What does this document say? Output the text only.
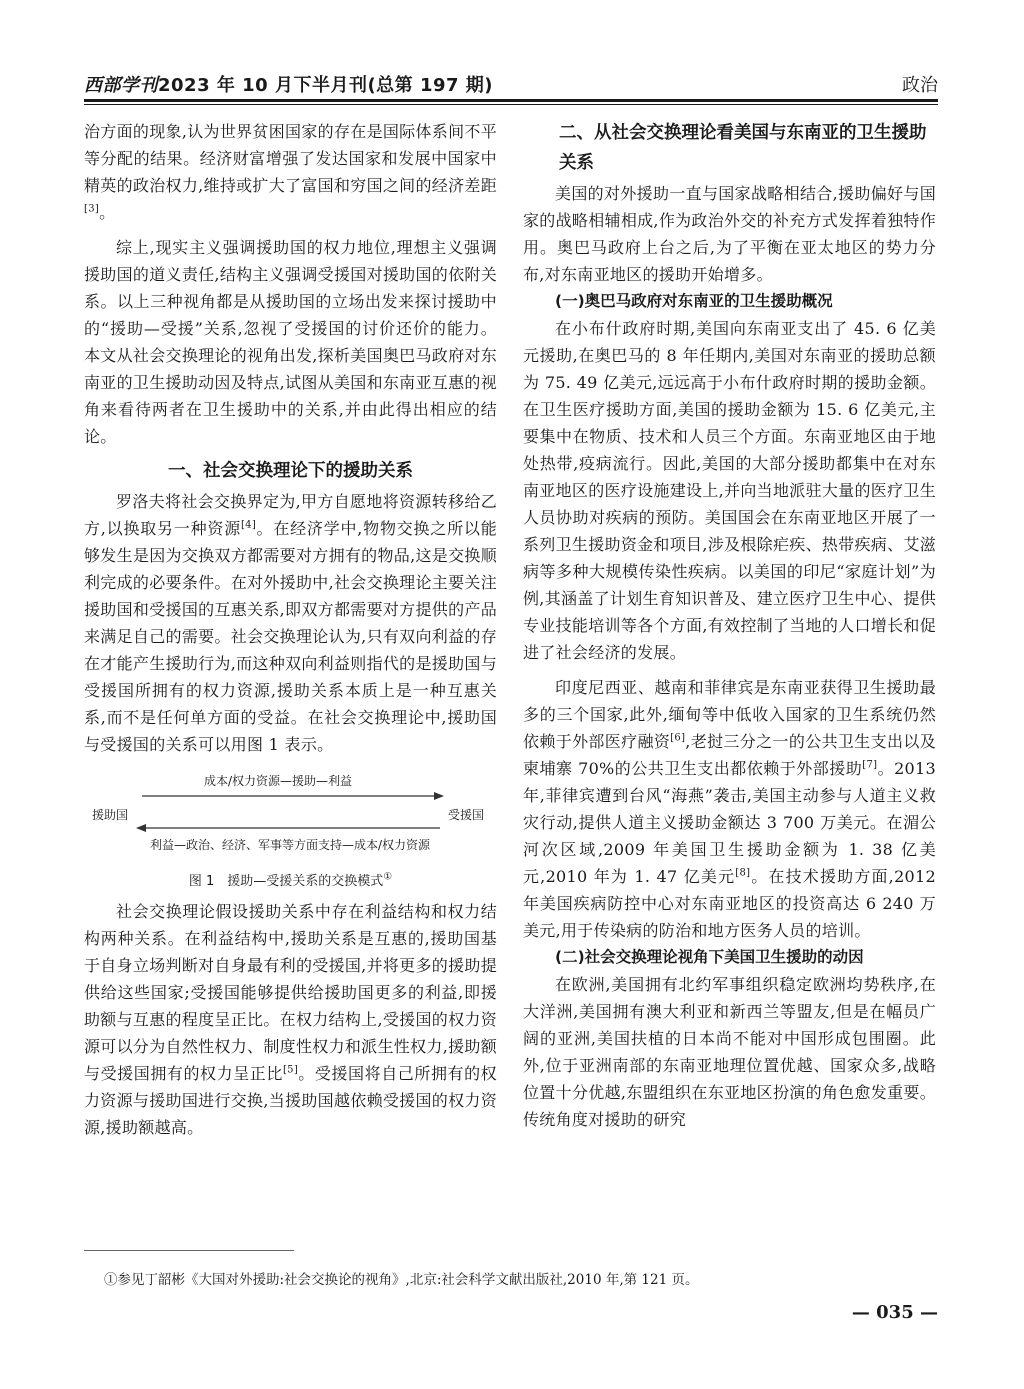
西部学刊2023 年 10 月下半月刊(总第 197 期)	政治

治方面的现象,认为世界贫困国家的存在是国际体系间不平等分配的结果。经济财富增强了发达国家和发展中国家中精英的政治权力,维持或扩大了富国和穷国之间的经济差距[3]。

综上,现实主义强调援助国的权力地位,理想主义强调援助国的道义责任,结构主义强调受援国对援助国的依附关系。以上三种视角都是从援助国的立场出发来探讨援助中的“援助—受援”关系,忽视了受援国的讨价还价的能力。本文从社会交换理论的视角出发,探析美国奥巴马政府对东南亚的卫生援助动因及特点,试图从美国和东南亚互惠的视角来看待两者在卫生援助中的关系,并由此得出相应的结论。

一、社会交换理论下的援助关系

罗洛夫将社会交换界定为,甲方自愿地将资源转移给乙方,以换取另一种资源[4]。在经济学中,物物交换之所以能够发生是因为交换双方都需要对方拥有的物品,这是交换顺利完成的必要条件。在对外援助中,社会交换理论主要关注援助国和受援国的互惠关系,即双方都需要对方提供的产品来满足自己的需要。社会交换理论认为,只有双向利益的存在才能产生援助行为,而这种双向利益则指代的是援助国与受援国所拥有的权力资源,援助关系本质上是一种互惠关系,而不是任何单方面的受益。在社会交换理论中,援助国与受援国的关系可以用图 1 表示。

成本/权力资源—援助—利益
利益—政治、经济、军事等方面支持—成本/权力资源
援助国	受援国
图 1　援助—受援关系的交换模式①

社会交换理论假设援助关系中存在利益结构和权力结构两种关系。在利益结构中,援助关系是互惠的,援助国基于自身立场判断对自身最有利的受援国,并将更多的援助提供给这些国家;受援国能够提供给援助国更多的利益,即援助额与互惠的程度呈正比。在权力结构上,受援国的权力资源可以分为自然性权力、制度性权力和派生性权力,援助额与受援国拥有的权力呈正比[5]。受援国将自己所拥有的权力资源与援助国进行交换,当援助国越依赖受援国的权力资源,援助额越高。

二、从社会交换理论看美国与东南亚的卫生援助关系

美国的对外援助一直与国家战略相结合,援助偏好与国家的战略相辅相成,作为政治外交的补充方式发挥着独特作用。奥巴马政府上台之后,为了平衡在亚太地区的势力分布,对东南亚地区的援助开始增多。

(一)奥巴马政府对东南亚的卫生援助概况

在小布什政府时期,美国向东南亚支出了 45. 6 亿美元援助,在奥巴马的 8 年任期内,美国对东南亚的援助总额为 75. 49 亿美元,远远高于小布什政府时期的援助金额。在卫生医疗援助方面,美国的援助金额为 15. 6 亿美元,主要集中在物质、技术和人员三个方面。东南亚地区由于地处热带,疫病流行。因此,美国的大部分援助都集中在对东南亚地区的医疗设施建设上,并向当地派驻大量的医疗卫生人员协助对疾病的预防。美国国会在东南亚地区开展了一系列卫生援助资金和项目,涉及根除疟疾、热带疾病、艾滋病等多种大规模传染性疾病。以美国的印尼“家庭计划”为例,其涵盖了计划生育知识普及、建立医疗卫生中心、提供专业技能培训等各个方面,有效控制了当地的人口增长和促进了社会经济的发展。

印度尼西亚、越南和菲律宾是东南亚获得卫生援助最多的三个国家,此外,缅甸等中低收入国家的卫生系统仍然依赖于外部医疗融资[6],老挝三分之一的公共卫生支出以及柬埔寨 70%的公共卫生支出都依赖于外部援助[7]。2013 年,菲律宾遭到台风“海燕”袭击,美国主动参与人道主义救灾行动,提供人道主义援助金额达 3 700 万美元。在湄公河次区域,2009 年美国卫生援助金额为 1. 38 亿美元,2010 年为 1. 47 亿美元[8]。在技术援助方面,2012 年美国疾病防控中心对东南亚地区的投资高达 6 240 万美元,用于传染病的防治和地方医务人员的培训。

(二)社会交换理论视角下美国卫生援助的动因

在欧洲,美国拥有北约军事组织稳定欧洲均势秩序,在大洋洲,美国拥有澳大利亚和新西兰等盟友,但是在幅员广阔的亚洲,美国扶植的日本尚不能对中国形成包围圈。此外,位于亚洲南部的东南亚地理位置优越、国家众多,战略位置十分优越,东盟组织在东亚地区扮演的角色愈发重要。传统角度对援助的研究

①参见丁韶彬《大国对外援助:社会交换论的视角》,北京:社会科学文献出版社,2010 年,第 121 页。
— 035 —
